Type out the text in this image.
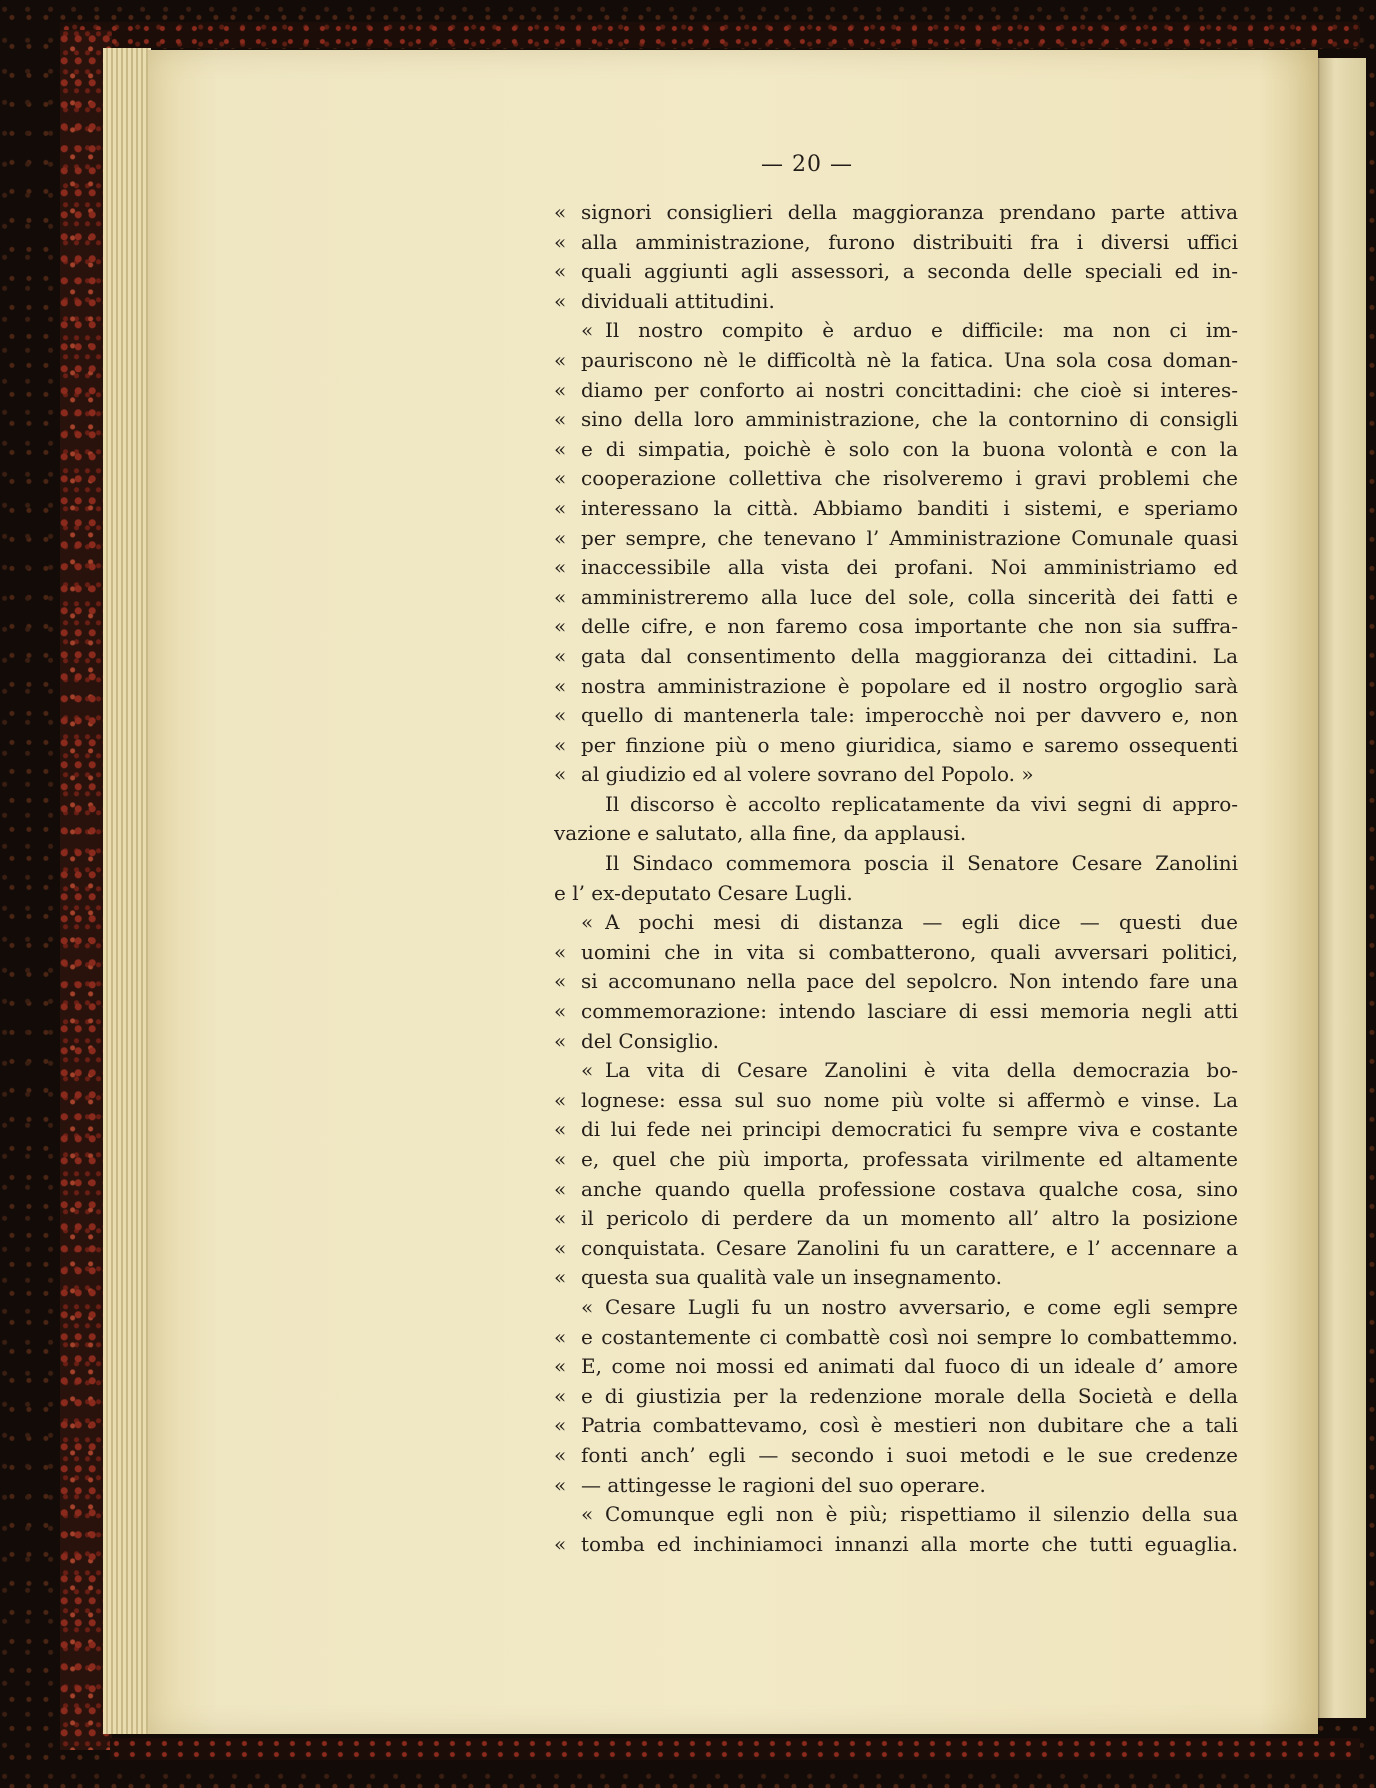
— 20 —
« signori consiglieri della maggioranza prendano parte attiva
« alla amministrazione, furono distribuiti fra i diversi uffici
« quali aggiunti agli assessori, a seconda delle speciali ed in-
« dividuali attitudini.
« Il nostro compito è arduo e difficile: ma non ci im-
« pauriscono nè le difficoltà nè la fatica. Una sola cosa doman-
« diamo per conforto ai nostri concittadini: che cioè si interes-
« sino della loro amministrazione, che la contornino di consigli
« e di simpatia, poichè è solo con la buona volontà e con la
« cooperazione collettiva che risolveremo i gravi problemi che
« interessano la città. Abbiamo banditi i sistemi, e speriamo
« per sempre, che tenevano l’ Amministrazione Comunale quasi
« inaccessibile alla vista dei profani. Noi amministriamo ed
« amministreremo alla luce del sole, colla sincerità dei fatti e
« delle cifre, e non faremo cosa importante che non sia suffra-
« gata dal consentimento della maggioranza dei cittadini. La
« nostra amministrazione è popolare ed il nostro orgoglio sarà
« quello di mantenerla tale: imperocchè noi per davvero e, non
« per finzione più o meno giuridica, siamo e saremo ossequenti
« al giudizio ed al volere sovrano del Popolo. »
Il discorso è accolto replicatamente da vivi segni di appro-
vazione e salutato, alla fine, da applausi.
Il Sindaco commemora poscia il Senatore Cesare Zanolini
e l’ ex-deputato Cesare Lugli.
« A pochi mesi di distanza — egli dice — questi due
« uomini che in vita si combatterono, quali avversari politici,
« si accomunano nella pace del sepolcro. Non intendo fare una
« commemorazione: intendo lasciare di essi memoria negli atti
« del Consiglio.
« La vita di Cesare Zanolini è vita della democrazia bo-
« lognese: essa sul suo nome più volte si affermò e vinse. La
« di lui fede nei principi democratici fu sempre viva e costante
« e, quel che più importa, professata virilmente ed altamente
« anche quando quella professione costava qualche cosa, sino
« il pericolo di perdere da un momento all’ altro la posizione
« conquistata. Cesare Zanolini fu un carattere, e l’ accennare a
« questa sua qualità vale un insegnamento.
« Cesare Lugli fu un nostro avversario, e come egli sempre
« e costantemente ci combattè così noi sempre lo combattemmo.
« E, come noi mossi ed animati dal fuoco di un ideale d’ amore
« e di giustizia per la redenzione morale della Società e della
« Patria combattevamo, così è mestieri non dubitare che a tali
« fonti anch’ egli — secondo i suoi metodi e le sue credenze
« — attingesse le ragioni del suo operare.
« Comunque egli non è più; rispettiamo il silenzio della sua
« tomba ed inchiniamoci innanzi alla morte che tutti eguaglia.
